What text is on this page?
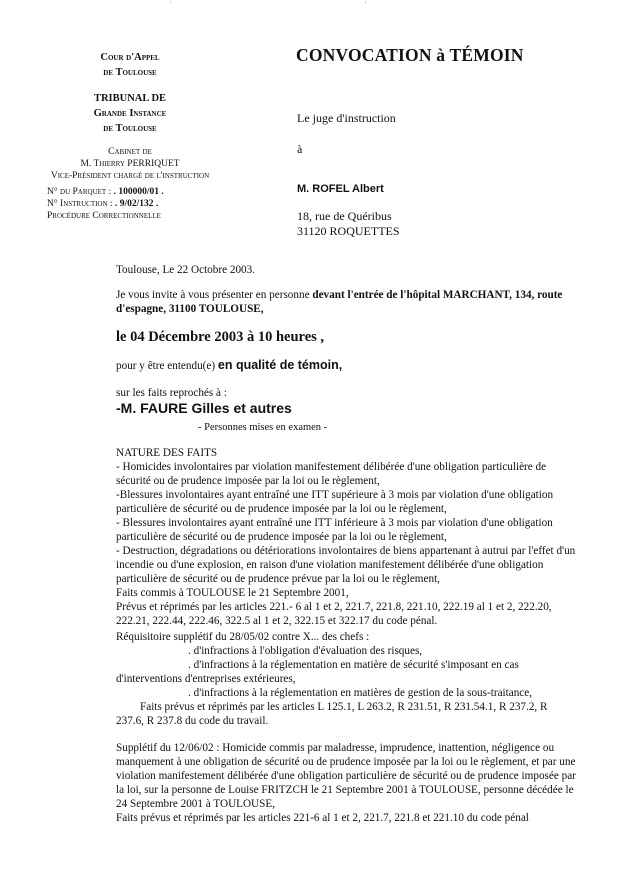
'	'
Cour d'Appel
de Toulouse
TRIBUNAL DE
Grande Instance
de Toulouse
Cabinet de
M. Thierry PERRIQUET
Vice-Président chargé de l'instruction
N° du Parquet : . 100000/01 .
N° Instruction : . 9/02/132 .
Procédure Correctionnelle
CONVOCATION à TÉMOIN
Le juge d'instruction
à
M. ROFEL Albert
18, rue de Quéribus
31120 ROQUETTES
Toulouse, Le 22 Octobre 2003.
Je vous invite à vous présenter en personne devant l'entrée de l'hôpital MARCHANT, 134, route
d'espagne, 31100 TOULOUSE,
le 04 Décembre 2003 à 10 heures ,
pour y être entendu(e) en qualité de témoin,
sur les faits reprochés à :
-M. FAURE Gilles et autres
- Personnes mises en examen -
NATURE DES FAITS
- Homicides involontaires par violation manifestement délibérée d'une obligation particulière de
sécurité ou de prudence imposée par la loi ou le règlement,
-Blessures involontaires ayant entraîné une ITT supérieure à 3 mois par violation d'une obligation
particulière de sécurité ou de prudence imposée par la loi ou le règlement,
- Blessures involontaires ayant entraîné une ITT inférieure à 3 mois par violation d'une obligation
particulière de sécurité ou de prudence imposée par la loi ou le règlement,
- Destruction, dégradations ou détériorations involontaires de biens appartenant à autrui par l'effet d'un
incendie ou d'une explosion, en raison d'une violation manifestement délibérée d'une obligation
particulière de sécurité ou de prudence prévue par la loi ou le règlement,
Faits commis à TOULOUSE le 21 Septembre 2001,
Prévus et réprimés par les articles 221.- 6 al 1 et 2, 221.7, 221.8, 221.10, 222.19 al 1 et 2, 222.20,
222.21, 222.44, 222.46, 322.5 al 1 et 2, 322.15 et 322.17 du code pénal.
Réquisitoire supplétif du 28/05/02 contre X... des chefs :
. d'infractions à l'obligation d'évaluation des risques,
. d'infractions à la réglementation en matière de sécurité s'imposant en cas
d'interventions d'entreprises extérieures,
. d'infractions à la réglementation en matières de gestion de la sous-traitance,
Faits prévus et réprimés par les articles L 125.1, L 263.2, R 231.51, R 231.54.1, R 237.2, R
237.6, R 237.8 du code du travail.
Supplétif du 12/06/02 : Homicide commis par maladresse, imprudence, inattention, négligence ou
manquement à une obligation de sécurité ou de prudence imposée par la loi ou le règlement, et par une
violation manifestement délibérée d'une obligation particulière de sécurité ou de prudence imposée par
la loi, sur la personne de Louise FRITZCH le 21 Septembre 2001 à TOULOUSE, personne décédée le
24 Septembre 2001 à TOULOUSE,
Faits prévus et réprimés par les articles 221-6 al 1 et 2, 221.7, 221.8 et 221.10 du code pénal
